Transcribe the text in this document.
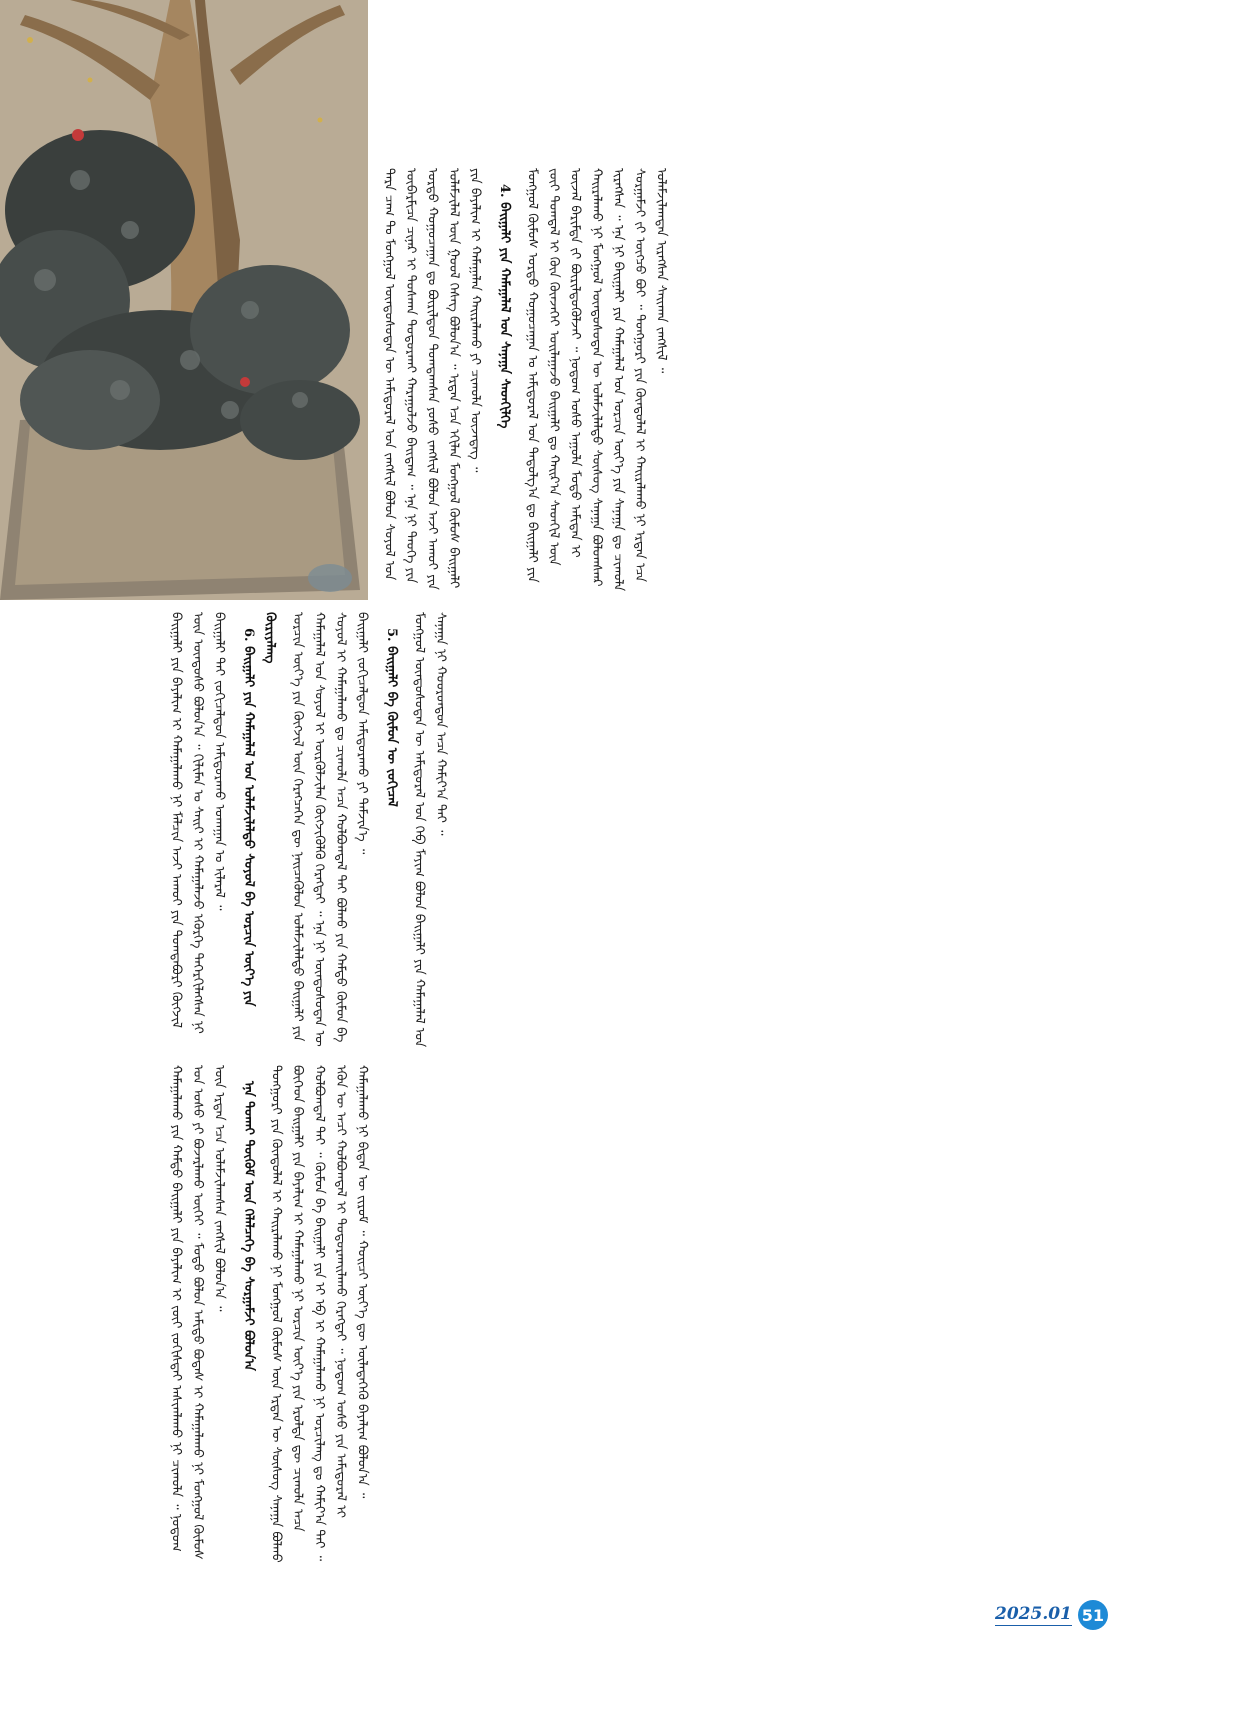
ᠲᠡᠷᠡ ᠴᠠᠭ ᠲᠤ ᠮᠣᠩᠭᠣᠯ ᠦᠨᠳᠦᠰᠦᠲᠡᠨ ᠦ ᠠᠮᠢᠳᠤᠷᠠᠯ ᠤᠨ ᠵᠠᠩᠱᠢᠯ ᠪᠣᠯᠤᠨ ᠰᠣᠶᠤᠯ ᠤᠨ ᠦᠪᠡᠷᠮᠢᠴᠡ ᠴᠢᠨᠠᠷ ᠢ ᠲᠤᠰᠬᠠᠨ ᠲᠣᠳᠣᠷᠬᠠᠢ ᠬᠠᠷᠠᠭᠤᠯᠵᠤ ᠪᠠᠢᠳᠠᠭ ᠃ ᠡᠨᠡ ᠨᠢ ᠲᠡᠦᠬᠡ ᠶᠢᠨ ᠤᠷᠲᠤ ᠬᠤᠭᠤᠴᠠᠭᠠᠨ ᠳᠤ ᠪᠦᠷᠢᠯᠳᠦᠨ ᠲᠣᠭᠲᠠᠭᠰᠠᠨ ᠶᠣᠰᠤ ᠵᠠᠩᠱᠢᠯ ᠪᠣᠯᠤᠨ ᠠᠵᠢ ᠠᠬᠤᠢ ᠶᠢᠨ ᠤᠯᠠᠮᠵᠢᠯᠠᠯ ᠦᠨ ᠭᠣᠣᠯ ᠬᠡᠰᠡᠭ ᠪᠣᠯᠤᠨ᠎ᠠ ᠃ ᠡᠷᠲᠡᠨ ᠡᠴᠡ ᠡᠬᠢᠯᠡᠨ ᠮᠣᠩᠭᠣᠯ ᠬᠦᠮᠦᠰ ᠪᠠᠢᠭᠠᠯᠢ ᠶᠢᠨ ᠪᠠᠶᠠᠯᠢᠭ ᠢ ᠬᠠᠮᠠᠭᠠᠯᠠᠨ ᠬᠠᠢᠷᠠᠯᠠᠬᠤ ᠶᠢ ᠴᠢᠬᠤᠯᠠ ᠦᠵᠡᠳᠡᠭ ᠃ 4. ᠪᠠᠢᠭᠠᠯᠢ ᠶᠢᠨ ᠬᠠᠮᠠᠭᠠᠯᠠᠯ ᠤᠨ ᠰᠠᠨᠠᠭᠠ ᠰᠡᠳᠬᠢᠯᠭᠡ ᠮᠣᠩᠭᠣᠯ ᠬᠦᠮᠦᠰ ᠤᠷᠲᠤ ᠬᠤᠭᠤᠴᠠᠭᠠᠨ ᠤ ᠠᠮᠢᠳᠤᠷᠠᠯ ᠤᠨ ᠳᠠᠳᠤᠯᠭ᠎ᠠ ᠳᠤ ᠪᠠᠢᠭᠠᠯᠢ ᠶᠢᠨ ᠵᠦᠢ ᠲᠣᠭᠲᠠᠯ ᠢ ᠭᠦᠨ ᠭᠦᠨᠵᠡᠭᠡᠢ ᠣᠢᠯᠠᠭᠠᠵᠤ ᠪᠠᠢᠭᠠᠯᠢ ᠳᠤ ᠬᠠᠢᠷ᠎ᠠ ᠰᠡᠳᠬᠢᠯ ᠦᠨ ᠦᠵᠡᠯ ᠪᠠᠷᠢᠮᠲᠠ ᠵᠢ ᠪᠦᠷᠢᠯᠳᠦᠭᠦᠯᠵᠡᠢ ᠃ ᠨᠤᠲᠤᠭ ᠤᠰᠤ ᠠᠭᠤᠯᠠ ᠮᠣᠳᠤ ᠠᠮᠢᠲᠠᠨ ᠢ ᠬᠠᠢᠷᠠᠯᠠᠬᠤ ᠨᠢ ᠮᠣᠩᠭᠣᠯ ᠦᠨᠳᠦᠰᠦᠲᠡᠨ ᠦ ᠤᠯᠠᠮᠵᠢᠯᠠᠯᠲᠤ ᠰᠦᠰᠦᠭ ᠰᠠᠨᠠᠭᠠ ᠪᠣᠯᠤᠭᠰᠠᠠᠷ ᠢᠷᠡᠭᠰᠡᠨ ᠃ ᠡᠨᠡ ᠨᠢ ᠪᠠᠢᠭᠠᠯᠢ ᠶᠢᠨ ᠬᠠᠮᠠᠭᠠᠯᠠᠯ ᠤᠨ ᠣᠷᠴᠢᠨ ᠦᠶ᠎ᠡ ᠶᠢᠨ ᠰᠠᠨᠠᠭᠠ ᠳᠤ ᠴᠢᠬᠤᠯᠠ ᠰᠤᠷᠭᠠᠮᠵᠢ ᠵᠢ ᠥᠭᠴᠦ ᠪᠣᠢ ᠃ ᠲᠣᠩᠭᠣᠷᠢ ᠶᠢᠨ ᠬᠦᠨᠳᠦᠯᠡᠯ ᠢ ᠬᠠᠢᠷᠠᠯᠠᠬᠤ ᠨᠢ ᠡᠷᠲᠡᠨ ᠡᠴᠡ ᠤᠯᠠᠮᠵᠢᠯᠠᠭᠳᠠᠨ ᠢᠷᠡᠭᠰᠡᠨ ᠰᠠᠢᠬᠠᠨ ᠵᠠᠩᠱᠢᠯ ᠃

ᠪᠠᠢᠭᠠᠯᠢ ᠶᠢᠨ ᠪᠠᠶᠠᠯᠢᠭ ᠢ ᠬᠠᠮᠠᠭᠠᠯᠠᠬᠤ ᠨᠢ ᠮᠠᠯᠴᠢᠨ ᠠᠵᠢ ᠠᠬᠤᠢ ᠶᠢᠨ ᠲᠣᠭᠲᠠᠪᠤᠷᠢ ᠬᠥᠭᠵᠢᠯ ᠦᠨ ᠦᠨᠳᠦᠰᠦ ᠪᠣᠯᠤᠨ᠎ᠠ ᠃ ᠬᠢᠯᠢᠮᠡᠨ ᠤ ᠰᠠᠢᠢ ᠢ ᠬᠠᠮᠠᠭᠠᠯᠠᠵᠤ ᠡᠭᠦᠷᠭᠡ ᠲᠡᠭᠡᠷᠬᠢᠯᠡᠭᠰᠡᠨ ᠨᠢ ᠪᠠᠢᠭᠠᠯᠢ ᠲᠠᠢ ᠵᠣᠬᠢᠴᠠᠯᠳᠤᠨ ᠠᠮᠢᠳᠤᠷᠠᠬᠤ ᠤᠬᠠᠭᠠᠨ ᠤ ᠢᠯᠡᠷᠡᠯ ᠃ 6. ᠪᠠᠢᠭᠠᠯᠢ ᠶᠢᠨ ᠬᠠᠮᠠᠭᠠᠯᠠᠯ ᠤᠨ ᠤᠯᠠᠮᠵᠢᠯᠠᠯᠲᠤ ᠰᠣᠶᠤᠯ ᠪᠠ ᠣᠷᠴᠢᠨ ᠦᠶ᠎ᠡ ᠶᠢᠨ ᠬᠦᠷᠢᠶᠡᠯᠡᠩ ᠣᠷᠴᠢᠨ ᠦᠶ᠎ᠡ ᠶᠢᠨ ᠬᠥᠭᠵᠢᠯ ᠦᠨ ᠬᠡᠷᠡᠭᠴᠡᠭᠡᠨ ᠳᠦ ᠨᠡᠢᠴᠡᠭᠦᠯᠦᠨ ᠤᠯᠠᠮᠵᠢᠯᠠᠯᠲᠤ ᠪᠠᠢᠭᠠᠯᠢ ᠶᠢᠨ ᠬᠠᠮᠠᠭᠠᠯᠠᠯ ᠤᠨ ᠰᠣᠶᠤᠯ ᠢ ᠦᠷᠭᠦᠯᠵᠢᠯᠡᠨ ᠬᠥᠭᠵᠢᠭᠦᠯᠬᠦ ᠬᠡᠷᠡᠭᠲᠡᠢ ᠃ ᠡᠨᠡ ᠨᠢ ᠦᠨᠳᠦᠰᠦᠲᠡᠨ ᠦ ᠰᠣᠶᠤᠯ ᠢ ᠬᠠᠮᠠᠭᠠᠯᠠᠬᠤ ᠳᠤ ᠴᠢᠬᠤᠯᠠ ᠠᠴᠠ ᠬᠣᠯᠪᠣᠭᠳᠠᠯ ᠲᠠᠢ ᠪᠣᠯᠬᠣ ᠶᠢᠨ ᠬᠠᠮᠲᠤ ᠬᠦᠮᠦᠨ ᠪᠠ ᠪᠠᠢᠭᠠᠯᠢ ᠵᠣᠬᠢᠴᠠᠯᠳᠤᠨ ᠠᠮᠢᠳᠤᠷᠠᠬᠤ ᠶᠢ ᠳᠡᠮᠵᠢᠨ᠎ᠡ ᠃ 5. ᠪᠠᠢᠭᠠᠯᠢ ᠪᠠ ᠬᠦᠮᠦᠨ ᠦ ᠵᠣᠬᠢᠴᠠᠯ ᠮᠣᠩᠭᠣᠯ ᠦᠨᠳᠦᠰᠦᠲᠡᠨ ᠦ ᠠᠮᠢᠳᠤᠷᠠᠯ ᠤᠨ ᠬᠡᠪ ᠮᠠᠶᠢᠭ ᠪᠣᠯᠤᠨ ᠪᠠᠢᠭᠠᠯᠢ ᠶᠢᠨ ᠬᠠᠮᠠᠭᠠᠯᠠᠯ ᠤᠨ ᠰᠠᠨᠠᠭᠠ ᠨᠢ ᠬᠣᠣᠷᠣᠨᠳᠣᠨ ᠠᠴᠠ ᠬᠠᠮᠢᠶ᠎ᠠ ᠲᠠᠢ ᠃

ᠬᠠᠮᠠᠭᠠᠯᠠᠬᠤ ᠶᠢᠨ ᠬᠠᠮᠲᠤ ᠪᠠᠢᠭᠠᠯᠢ ᠶᠢᠨ ᠪᠠᠶᠠᠯᠢᠭ ᠢ ᠵᠦᠢ ᠵᠣᠬᠢᠰᠲᠠᠢ ᠠᠰᠢᠭᠯᠠᠬᠤ ᠨᠢ ᠴᠢᠬᠤᠯᠠ ᠃ ᠨᠤᠲᠤᠭ ᠤᠨ ᠤᠰᠤ ᠶᠢ ᠪᠤᠵᠠᠷᠯᠠᠬᠤ ᠦᠭᠡᠢ ᠃ ᠮᠣᠳᠤ ᠪᠣᠯᠤᠨ ᠠᠮᠢᠳᠤ ᠪᠣᠳᠠᠰ ᠢ ᠬᠠᠮᠠᠭᠠᠯᠠᠬᠤ ᠨᠢ ᠮᠣᠩᠭᠣᠯ ᠬᠦᠮᠦᠰ ᠦᠨ ᠡᠷᠲᠡᠨ ᠡᠴᠡ ᠤᠯᠠᠮᠵᠢᠯᠠᠭᠰᠠᠨ ᠵᠠᠩᠱᠢᠯ ᠪᠣᠯᠤᠨ᠎ᠠ ᠃ ᠡᠨᠡ ᠲᠤᠬᠠᠢ ᠳᠦᠭᠦᠮ ᠦᠨ ᠬᠡᠯᠡᠯᠴᠡᠭᠡ ᠪᠠ ᠰᠤᠷᠭᠠᠮᠵᠢ ᠪᠣᠯᠤᠨ᠎ᠠ ᠲᠣᠩᠭᠣᠷᠢ ᠶᠢᠨ ᠬᠦᠨᠳᠦᠯᠡᠯ ᠢ ᠬᠠᠢᠷᠠᠯᠠᠬᠤ ᠨᠢ ᠮᠣᠩᠭᠣᠯ ᠬᠦᠮᠦᠰ ᠦᠨ ᠡᠷᠲᠡᠨ ᠦ ᠰᠦᠰᠦᠭ ᠰᠠᠨᠠᠭᠠ ᠪᠣᠯᠬᠣ ᠪᠥᠭᠡᠳ ᠪᠠᠢᠭᠠᠯᠢ ᠶᠢᠨ ᠪᠠᠶᠠᠯᠢᠭ ᠢ ᠬᠠᠮᠠᠭᠠᠯᠠᠬᠤ ᠨᠢ ᠣᠷᠴᠢᠨ ᠦᠶ᠎ᠡ ᠶᠢᠨ ᠡᠷᠦᠯᠲᠡ ᠳᠦ ᠴᠢᠬᠤᠯᠠ ᠠᠴᠠ ᠬᠣᠯᠪᠣᠭᠳᠠᠯ ᠲᠠᠢ ᠃ ᠬᠦᠮᠦᠨ ᠪᠠ ᠪᠠᠢᠭᠠᠯᠢ ᠶᠢᠨ ᠡᠶ ᠡᠪ ᠢ ᠬᠠᠮᠠᠭᠠᠯᠠᠬᠤ ᠨᠢ ᠣᠷᠴᠢᠯᠠᠩ ᠳᠤ ᠬᠠᠮᠢᠶ᠎ᠠ ᠲᠠᠢ ᠃ ᠡᠭᠦᠨ ᠦ ᠠᠴᠢ ᠬᠣᠯᠪᠣᠭᠳᠠᠯ ᠢ ᠲᠣᠳᠣᠷᠬᠠᠢᠯᠠᠬᠤ ᠬᠡᠷᠡᠭᠲᠡᠢ ᠃ ᠨᠤᠲᠤᠭ ᠤᠰᠤ ᠶᠢᠨ ᠠᠮᠢᠳᠤᠷᠠᠯ ᠢ ᠬᠠᠮᠠᠭᠠᠯᠠᠬᠤ ᠨᠢ ᠪᠢᠳᠡᠨ ᠦ ᠵᠢᠷᠤᠮ ᠃ ᠬᠣᠢᠴᠢ ᠦᠶ᠎ᠡ ᠳᠦ ᠦᠯᠡᠳᠡᠭᠡᠬᠦ ᠪᠠᠶᠠᠯᠢᠭ ᠪᠣᠯᠤᠨ᠎ᠠ ᠃

2025.01 51
